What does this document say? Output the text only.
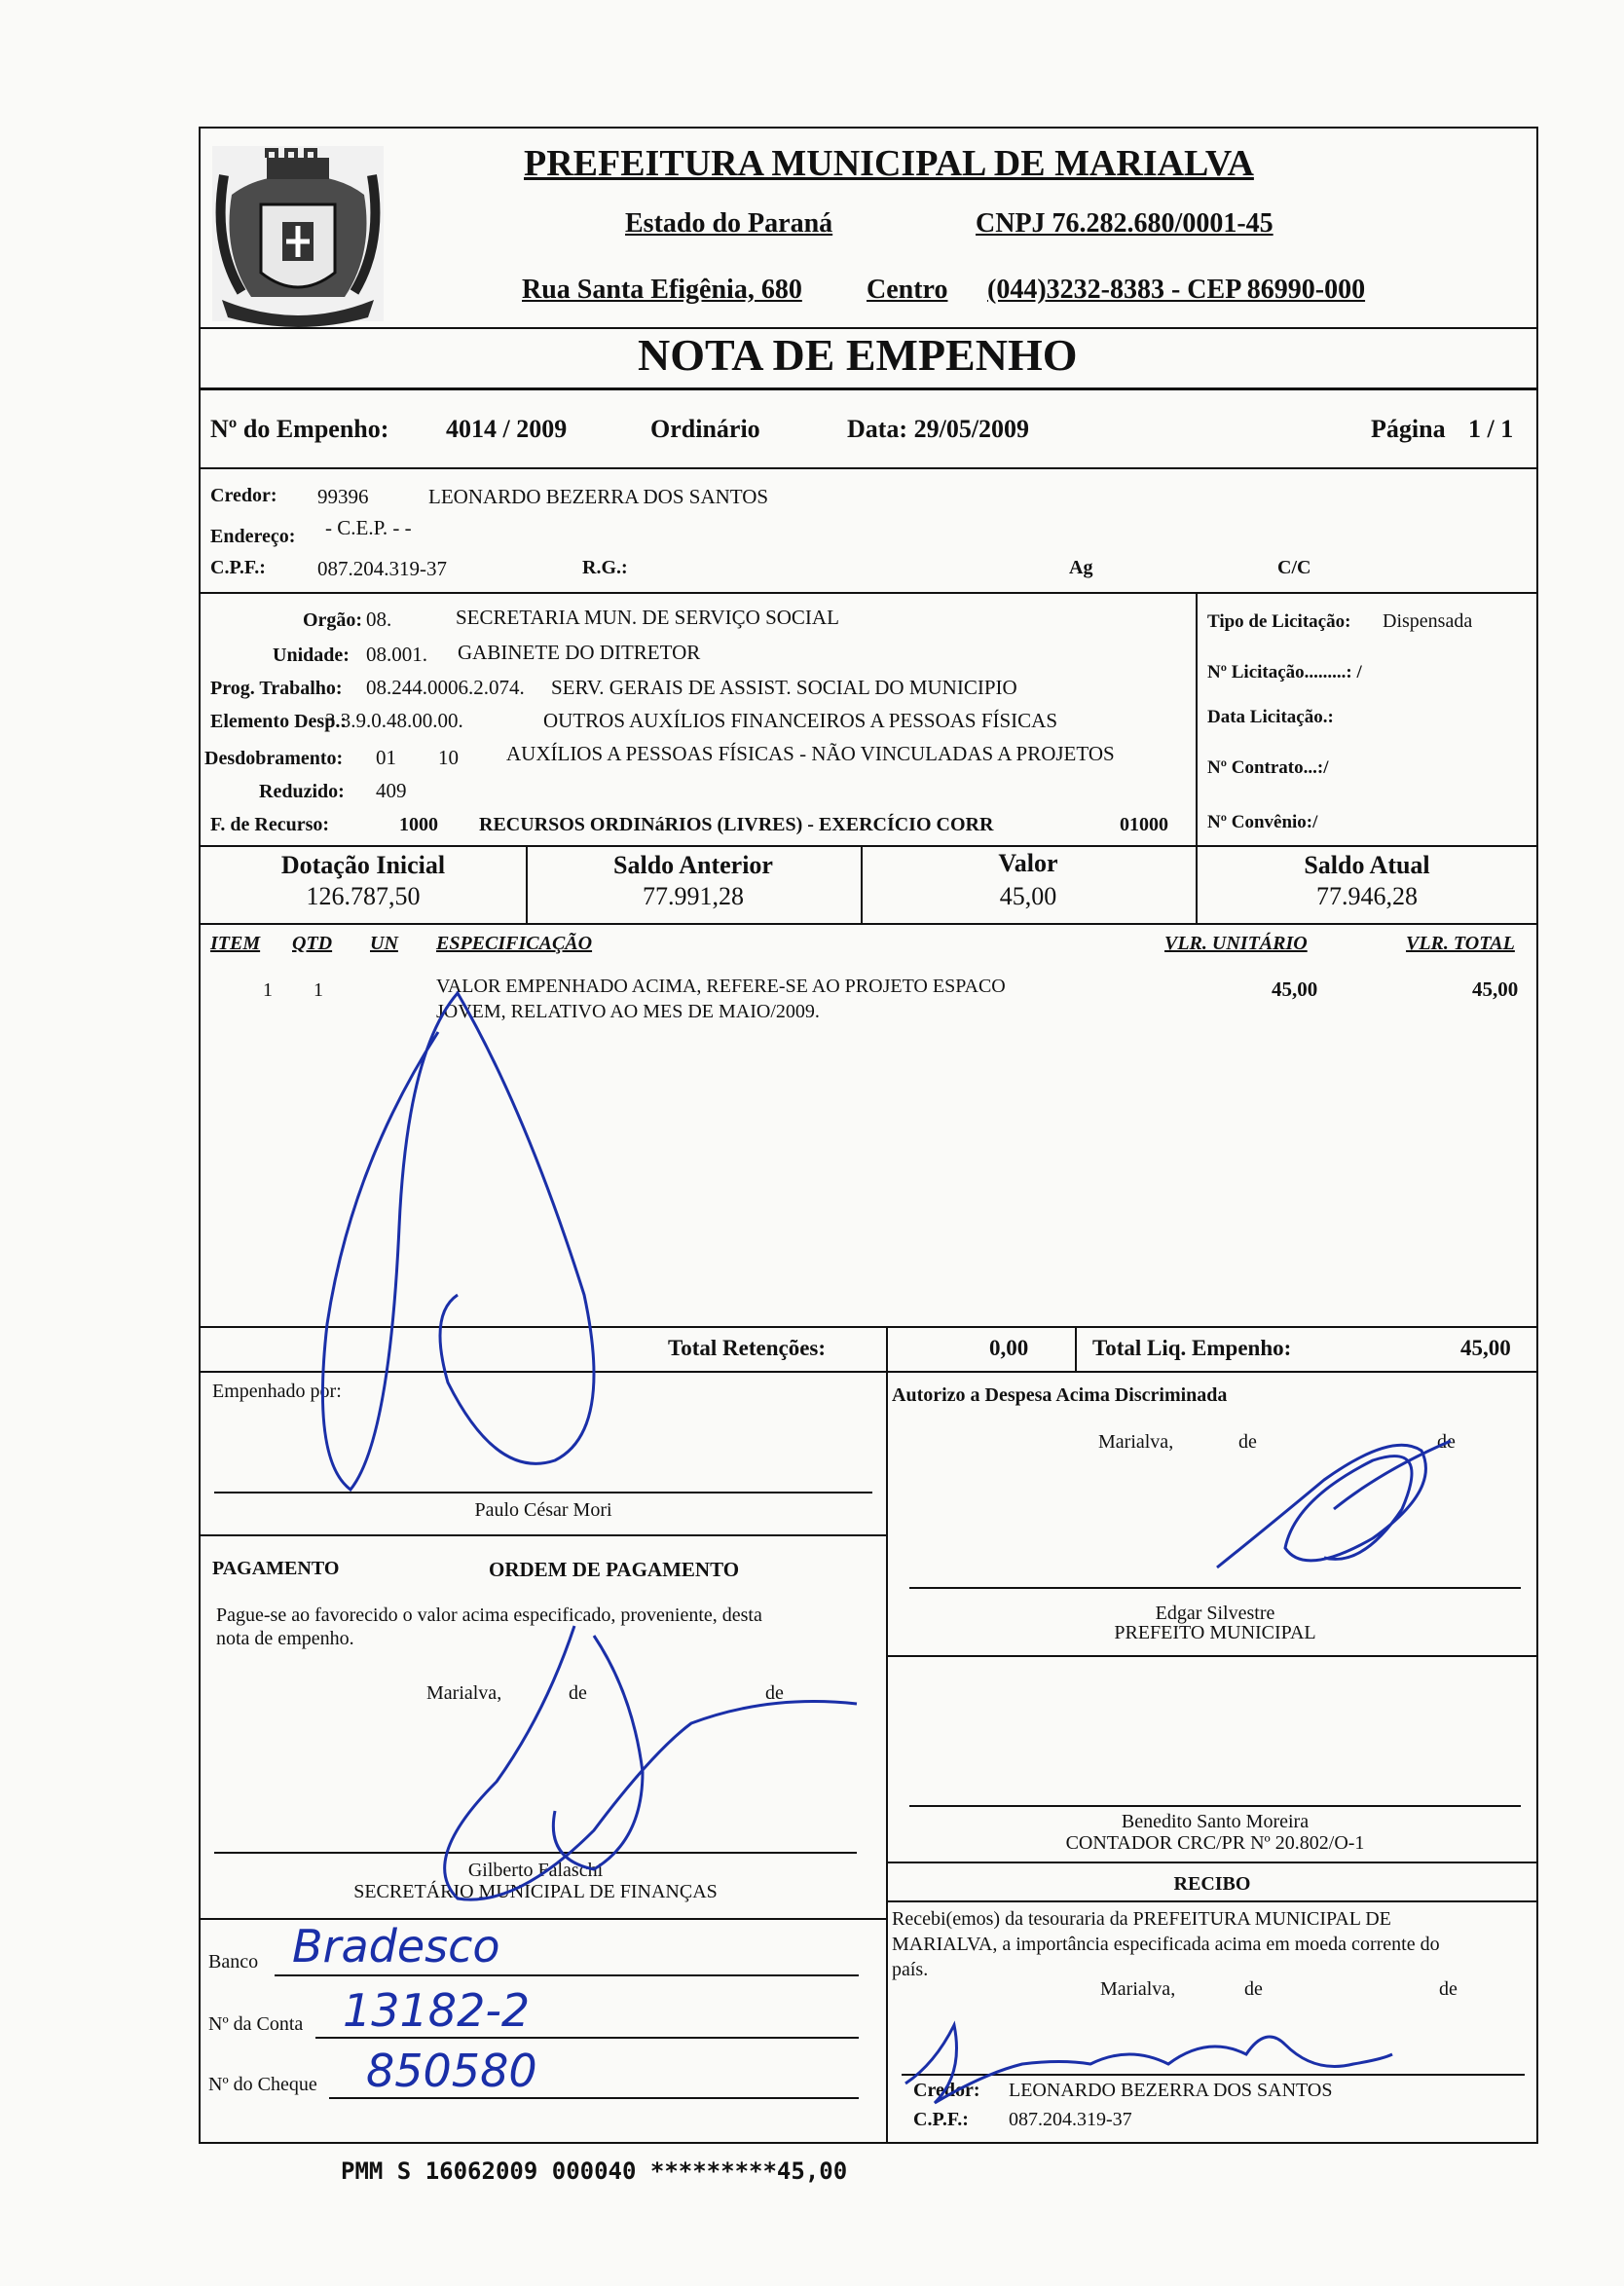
PREFEITURA MUNICIPAL DE MARIALVA
Estado do Paraná	CNPJ 76.282.680/0001-45
Rua Santa Efigênia, 680 Centro (044)3232-8383 - CEP 86990-000
NOTA DE EMPENHO
Nº do Empenho: 4014 / 2009	Ordinário	Data: 29/05/2009	Página 1 / 1
Credor: 99396	LEONARDO BEZERRA DOS SANTOS
Endereço: - C.E.P. - -
C.P.F.:	087.204.319-37	R.G.:	Ag	C/C
Orgão: 08.	SECRETARIA MUN. DE SERVIÇO SOCIAL
Unidade: 08.001. GABINETE DO DITRETOR
Prog. Trabalho: 08.244.0006.2.074. SERV. GERAIS DE ASSIST. SOCIAL DO MUNICIPIO
Elemento Desp.:
3.3.9.0.48.00.00.	OUTROS AUXÍLIOS FINANCEIROS A PESSOAS FÍSICAS
Desdobramento: 01 10 AUXÍLIOS A PESSOAS FÍSICAS - NÃO VINCULADAS A PROJETOS
Reduzido: 409
F. de Recurso:	1000 RECURSOS ORDINáRIOS (LIVRES) - EXERCÍCIO CORR	01000
Tipo de Licitação: Dispensada
Nº Licitação.........: /
Data Licitação.:
Nº Contrato...:/
Nº Convênio:/
Dotação Inicial
126.787,50
Saldo Anterior
77.991,28
Valor
45,00
Saldo Atual
77.946,28
ITEM QTD UN ESPECIFICAÇÃO	VLR. UNITÁRIO	VLR. TOTAL
1 1	VALOR EMPENHADO ACIMA, REFERE-SE AO PROJETO ESPACO
JOVEM, RELATIVO AO MES DE MAIO/2009.
45,00	45,00
Total Retenções:	0,00	Total Liq. Empenho:	45,00
Empenhado por:
Paulo César Mori
Autorizo a Despesa Acima Discriminada
Marialva,	de	de
Edgar Silvestre
PREFEITO MUNICIPAL
PAGAMENTO	ORDEM DE PAGAMENTO
Pague-se ao favorecido o valor acima especificado, proveniente, desta
nota de empenho.
Marialva,	de	de
Gilberto Falaschi
SECRETÁRIO MUNICIPAL DE FINANÇAS
Benedito Santo Moreira
CONTADOR CRC/PR Nº 20.802/O-1
RECIBO
Recebi(emos) da tesouraria da PREFEITURA MUNICIPAL DE
MARIALVA, a importância especificada acima em moeda corrente do
país.
Marialva,	de	de
Credor: LEONARDO BEZERRA DOS SANTOS
C.P.F.: 087.204.319-37
Banco Bradesco
Nº da Conta 13182-2
Nº do Cheque 850580
PMM S 16062009 000040 *********45,00
